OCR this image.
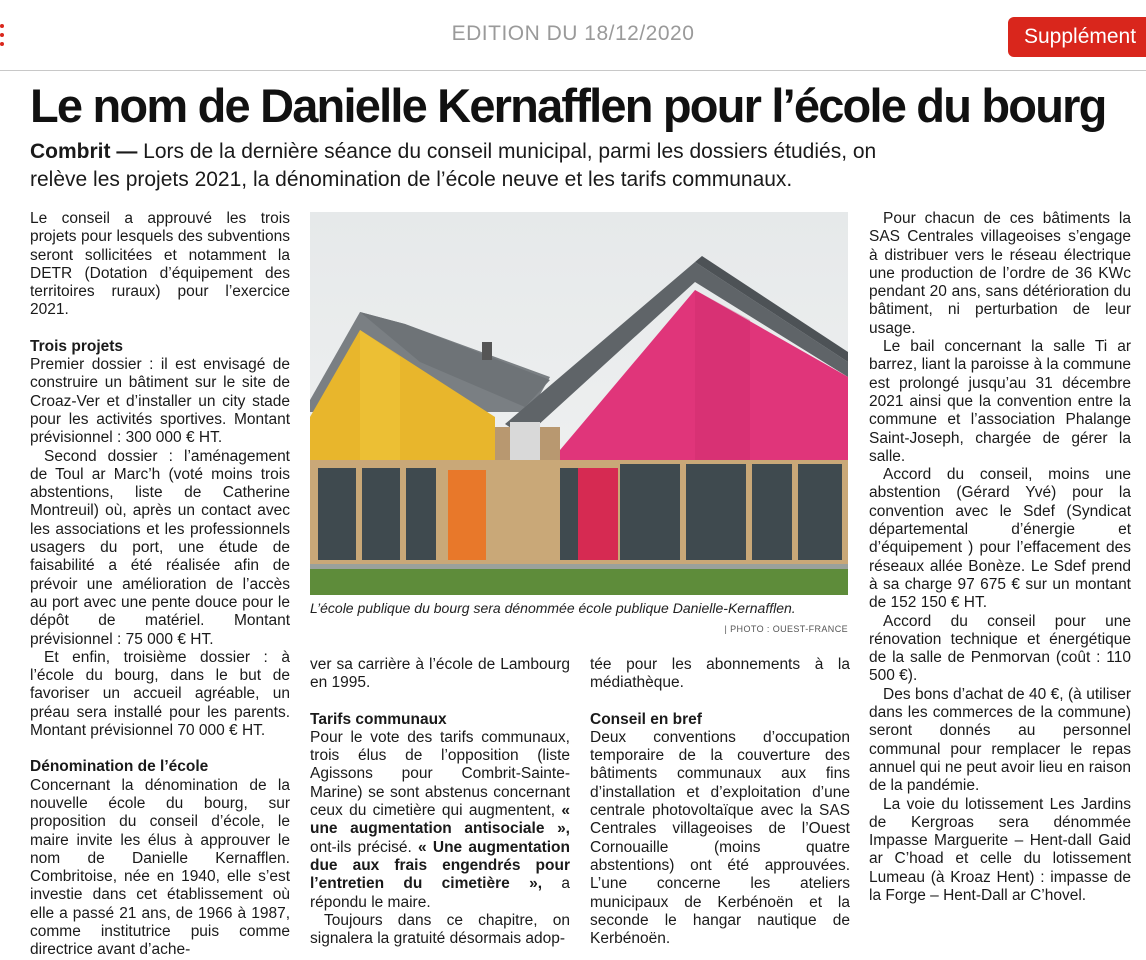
EDITION DU 18/12/2020	Supplément
Le nom de Danielle Kernafflen pour l’école du bourg
Combrit — Lors de la dernière séance du conseil municipal, parmi les dossiers étudiés, on relève les projets 2021, la dénomination de l’école neuve et les tarifs communaux.

Le conseil a approuvé les trois projets pour lesquels des subventions seront sollicitées et notamment la DETR (Dotation d’équipement des territoires ruraux) pour l’exercice 2021.

Trois projets

Premier dossier : il est envisagé de construire un bâtiment sur le site de Croaz-Ver et d’installer un city stade pour les activités sportives. Montant prévisionnel : 300 000 € HT.

Second dossier : l’aménagement de Toul ar Marc’h (voté moins trois abstentions, liste de Catherine Montreuil) où, après un contact avec les associations et les professionnels usagers du port, une étude de faisabilité a été réalisée afin de prévoir une amélioration de l’accès au port avec une pente douce pour le dépôt de matériel. Montant prévisionnel : 75 000 € HT.

Et enfin, troisième dossier : à l’école du bourg, dans le but de favoriser un accueil agréable, un préau sera installé pour les parents. Montant prévisionnel 70 000 € HT.

Dénomination de l’école

Concernant la dénomination de la nouvelle école du bourg, sur proposition du conseil d’école, le maire invite les élus à approuver le nom de Danielle Kernafflen. Combritoise, née en 1940, elle s’est investie dans cet établissement où elle a passé 21 ans, de 1966 à 1987, comme institutrice puis comme directrice avant d’ache-

L’école publique du bourg sera dénommée école publique Danielle-Kernafflen.
| PHOTO : OUEST-FRANCE

ver sa carrière à l’école de Lambourg en 1995.

Tarifs communaux

Pour le vote des tarifs communaux, trois élus de l’opposition (liste Agissons pour Combrit-Sainte-Marine) se sont abstenus concernant ceux du cimetière qui augmentent, « une augmentation antisociale », ont-ils précisé. « Une augmentation due aux frais engendrés pour l’entretien du cimetière », a répondu le maire.

Toujours dans ce chapitre, on signalera la gratuité désormais adop-

tée pour les abonnements à la médiathèque.

Conseil en bref

Deux conventions d’occupation temporaire de la couverture des bâtiments communaux aux fins d’installation et d’exploitation d’une centrale photovoltaïque avec la SAS Centrales villageoises de l’Ouest Cornouaille (moins quatre abstentions) ont été approuvées. L’une concerne les ateliers municipaux de Kerbénoën et la seconde le hangar nautique de Kerbénoën.

Pour chacun de ces bâtiments la SAS Centrales villageoises s’engage à distribuer vers le réseau électrique une production de l’ordre de 36 KWc pendant 20 ans, sans détérioration du bâtiment, ni perturbation de leur usage.

Le bail concernant la salle Ti ar barrez, liant la paroisse à la commune est prolongé jusqu’au 31 décembre 2021 ainsi que la convention entre la commune et l’association Phalange Saint-Joseph, chargée de gérer la salle.

Accord du conseil, moins une abstention (Gérard Yvé) pour la convention avec le Sdef (Syndicat départemental d’énergie et d’équipement ) pour l’effacement des réseaux allée Bonèze. Le Sdef prend à sa charge 97 675 € sur un montant de 152 150 € HT.

Accord du conseil pour une rénovation technique et énergétique de la salle de Penmorvan (coût : 110 500 €).

Des bons d’achat de 40 €, (à utiliser dans les commerces de la commune) seront donnés au personnel communal pour remplacer le repas annuel qui ne peut avoir lieu en raison de la pandémie.

La voie du lotissement Les Jardins de Kergroas sera dénommée Impasse Marguerite – Hent-dall Gaid ar C’hoad et celle du lotissement Lumeau (à Kroaz Hent) : impasse de la Forge – Hent-Dall ar C’hovel.
